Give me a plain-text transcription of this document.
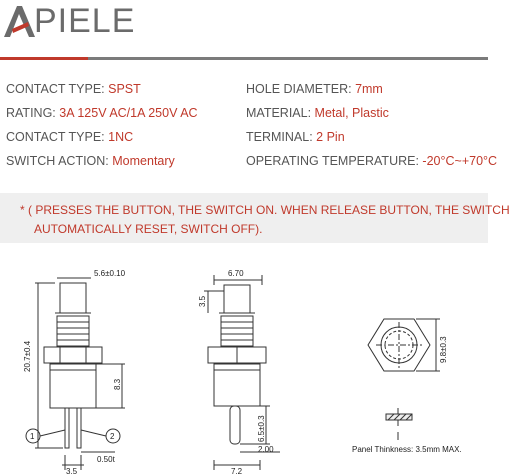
PIELE
CONTACT TYPE: SPST
RATING: 3A 125V AC/1A 250V AC
CONTACT TYPE: 1NC
SWITCH ACTION: Momentary
HOLE DIAMETER: 7mm
MATERIAL: Metal, Plastic
TERMINAL: 2 Pin
OPERATING TEMPERATURE: -20°C~+70°C
* ( PRESSES THE BUTTON, THE SWITCH ON. WHEN RELEASE BUTTON, THE SWITCH
AUTOMATICALLY RESET, SWITCH OFF).
5.6±0.10
20.7±0.4
8.3
3.5
0.50t
1	2
6.70
3.5
6.5±0.3
2.00
7.2
9.8±0.3
Panel Thinkness: 3.5mm MAX.
